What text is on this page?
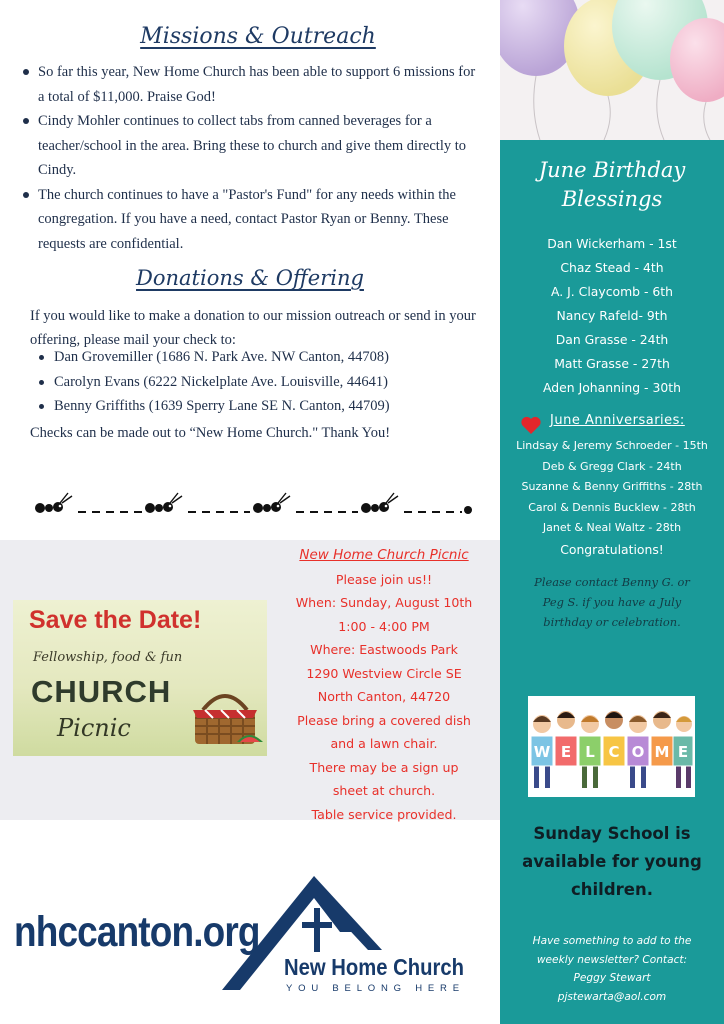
Missions & Outreach
So far this year, New Home Church has been able to support 6 missions for a total of $11,000. Praise God!
Cindy Mohler continues to collect tabs from canned beverages for a teacher/school in the area. Bring these to church and give them directly to Cindy.
The church continues to have a "Pastor's Fund" for any needs within the congregation. If you have a need, contact Pastor Ryan or Benny. These requests are confidential.
Donations & Offering
If you would like to make a donation to our mission outreach or send in your offering, please mail your check to:
Dan Grovemiller (1686 N. Park Ave. NW Canton, 44708)
Carolyn Evans (6222 Nickelplate Ave. Louisville, 44641)
Benny Griffiths (1639 Sperry Lane SE N. Canton, 44709)
Checks can be made out to “New Home Church." Thank You!
Save the Date!
Fellowship, food & fun
CHURCH
Picnic
New Home Church Picnic
Please join us!!
When: Sunday, August 10th
1:00 - 4:00 PM
Where: Eastwoods Park
1290 Westview Circle SE
North Canton, 44720
Please bring a covered dish
and a lawn chair.
There may be a sign up
sheet at church.
Table service provided.
nhccanton.org
New Home Church
YOU BELONG HERE
June Birthday
Blessings
Dan Wickerham - 1st
Chaz Stead - 4th
A. J. Claycomb - 6th
Nancy Rafeld- 9th
Dan Grasse - 24th
Matt Grasse - 27th
Aden Johanning - 30th
June Anniversaries:
Lindsay & Jeremy Schroeder - 15th
Deb & Gregg Clark - 24th
Suzanne & Benny Griffiths - 28th
Carol & Dennis Bucklew - 28th
Janet & Neal Waltz - 28th
Congratulations!
Please contact Benny G. or Peg S. if you have a July birthday or celebration.
W E L C O M E
Sunday School is available for young children.
Have something to add to the
weekly newsletter? Contact:
Peggy Stewart
pjstewarta@aol.com
